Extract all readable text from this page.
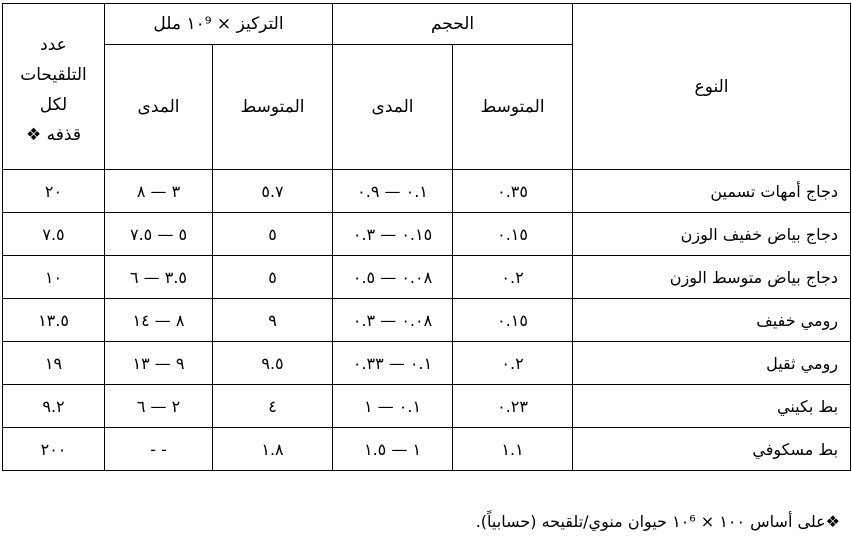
النوع	الحجم		التركيز × ١٠⁹ ملل		عدد
التلقيحات
لكل
قذفه ❖

	المتوسط	المدى	المتوسط	المدى	
دجاج أمهات تسمين	٠.٣٥	٠.١ — ٠.٩	٥.٧	٣ — ٨	٢٠
دجاج بياض خفيف الوزن	٠.١٥	٠.١٥ — ٠.٣	٥	٥ — ٧.٥	٧.٥
دجاج بياض متوسط الوزن	٠.٢	٠.٠٨ — ٠.٥	٥	٣.٥ — ٦	١٠
رومي خفيف	٠.١٥	٠.٠٨ — ٠.٣	٩	٨ — ١٤	١٣.٥
رومي ثقيل	٠.٢	٠.١ — ٠.٣٣	٩.٥	٩ — ١٣	١٩
بط بكيني	٠.٢٣	٠.١ — ١	٤	٢ — ٦	٩.٢
بط مسكوفي	١.١	١ — ١.٥	١.٨	- -	٢٠٠
❖على أساس ١٠٠ × ١٠⁶ حيوان منوي/تلقيحه (حسابياً).
